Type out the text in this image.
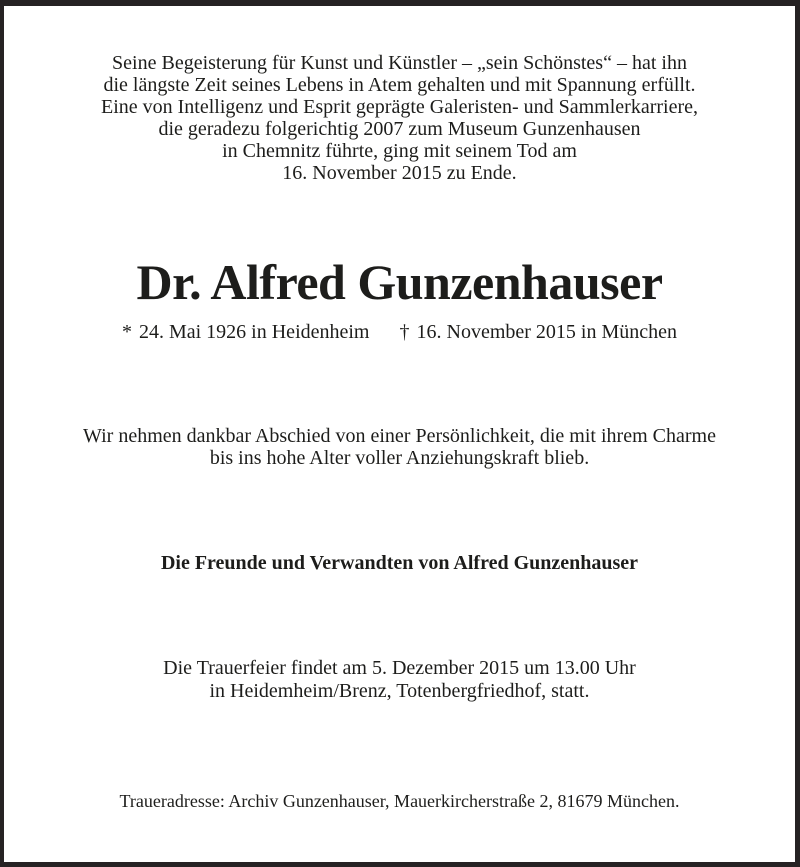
Seine Begeisterung für Kunst und Künstler – „sein Schönstes“ – hat ihn
die längste Zeit seines Lebens in Atem gehalten und mit Spannung erfüllt.
Eine von Intelligenz und Esprit geprägte Galeristen- und Sammlerkarriere,
die geradezu folgerichtig 2007 zum Museum Gunzenhausen
in Chemnitz führte, ging mit seinem Tod am
16. November 2015 zu Ende.
Dr. Alfred Gunzenhauser
* 24. Mai 1926 in Heidenheim † 16. November 2015 in München
Wir nehmen dankbar Abschied von einer Persönlichkeit, die mit ihrem Charme
bis ins hohe Alter voller Anziehungskraft blieb.
Die Freunde und Verwandten von Alfred Gunzenhauser
Die Trauerfeier findet am 5. Dezember 2015 um 13.00 Uhr
in Heidemheim/Brenz, Totenbergfriedhof, statt.
Traueradresse: Archiv Gunzenhauser, Mauerkircherstraße 2, 81679 München.
